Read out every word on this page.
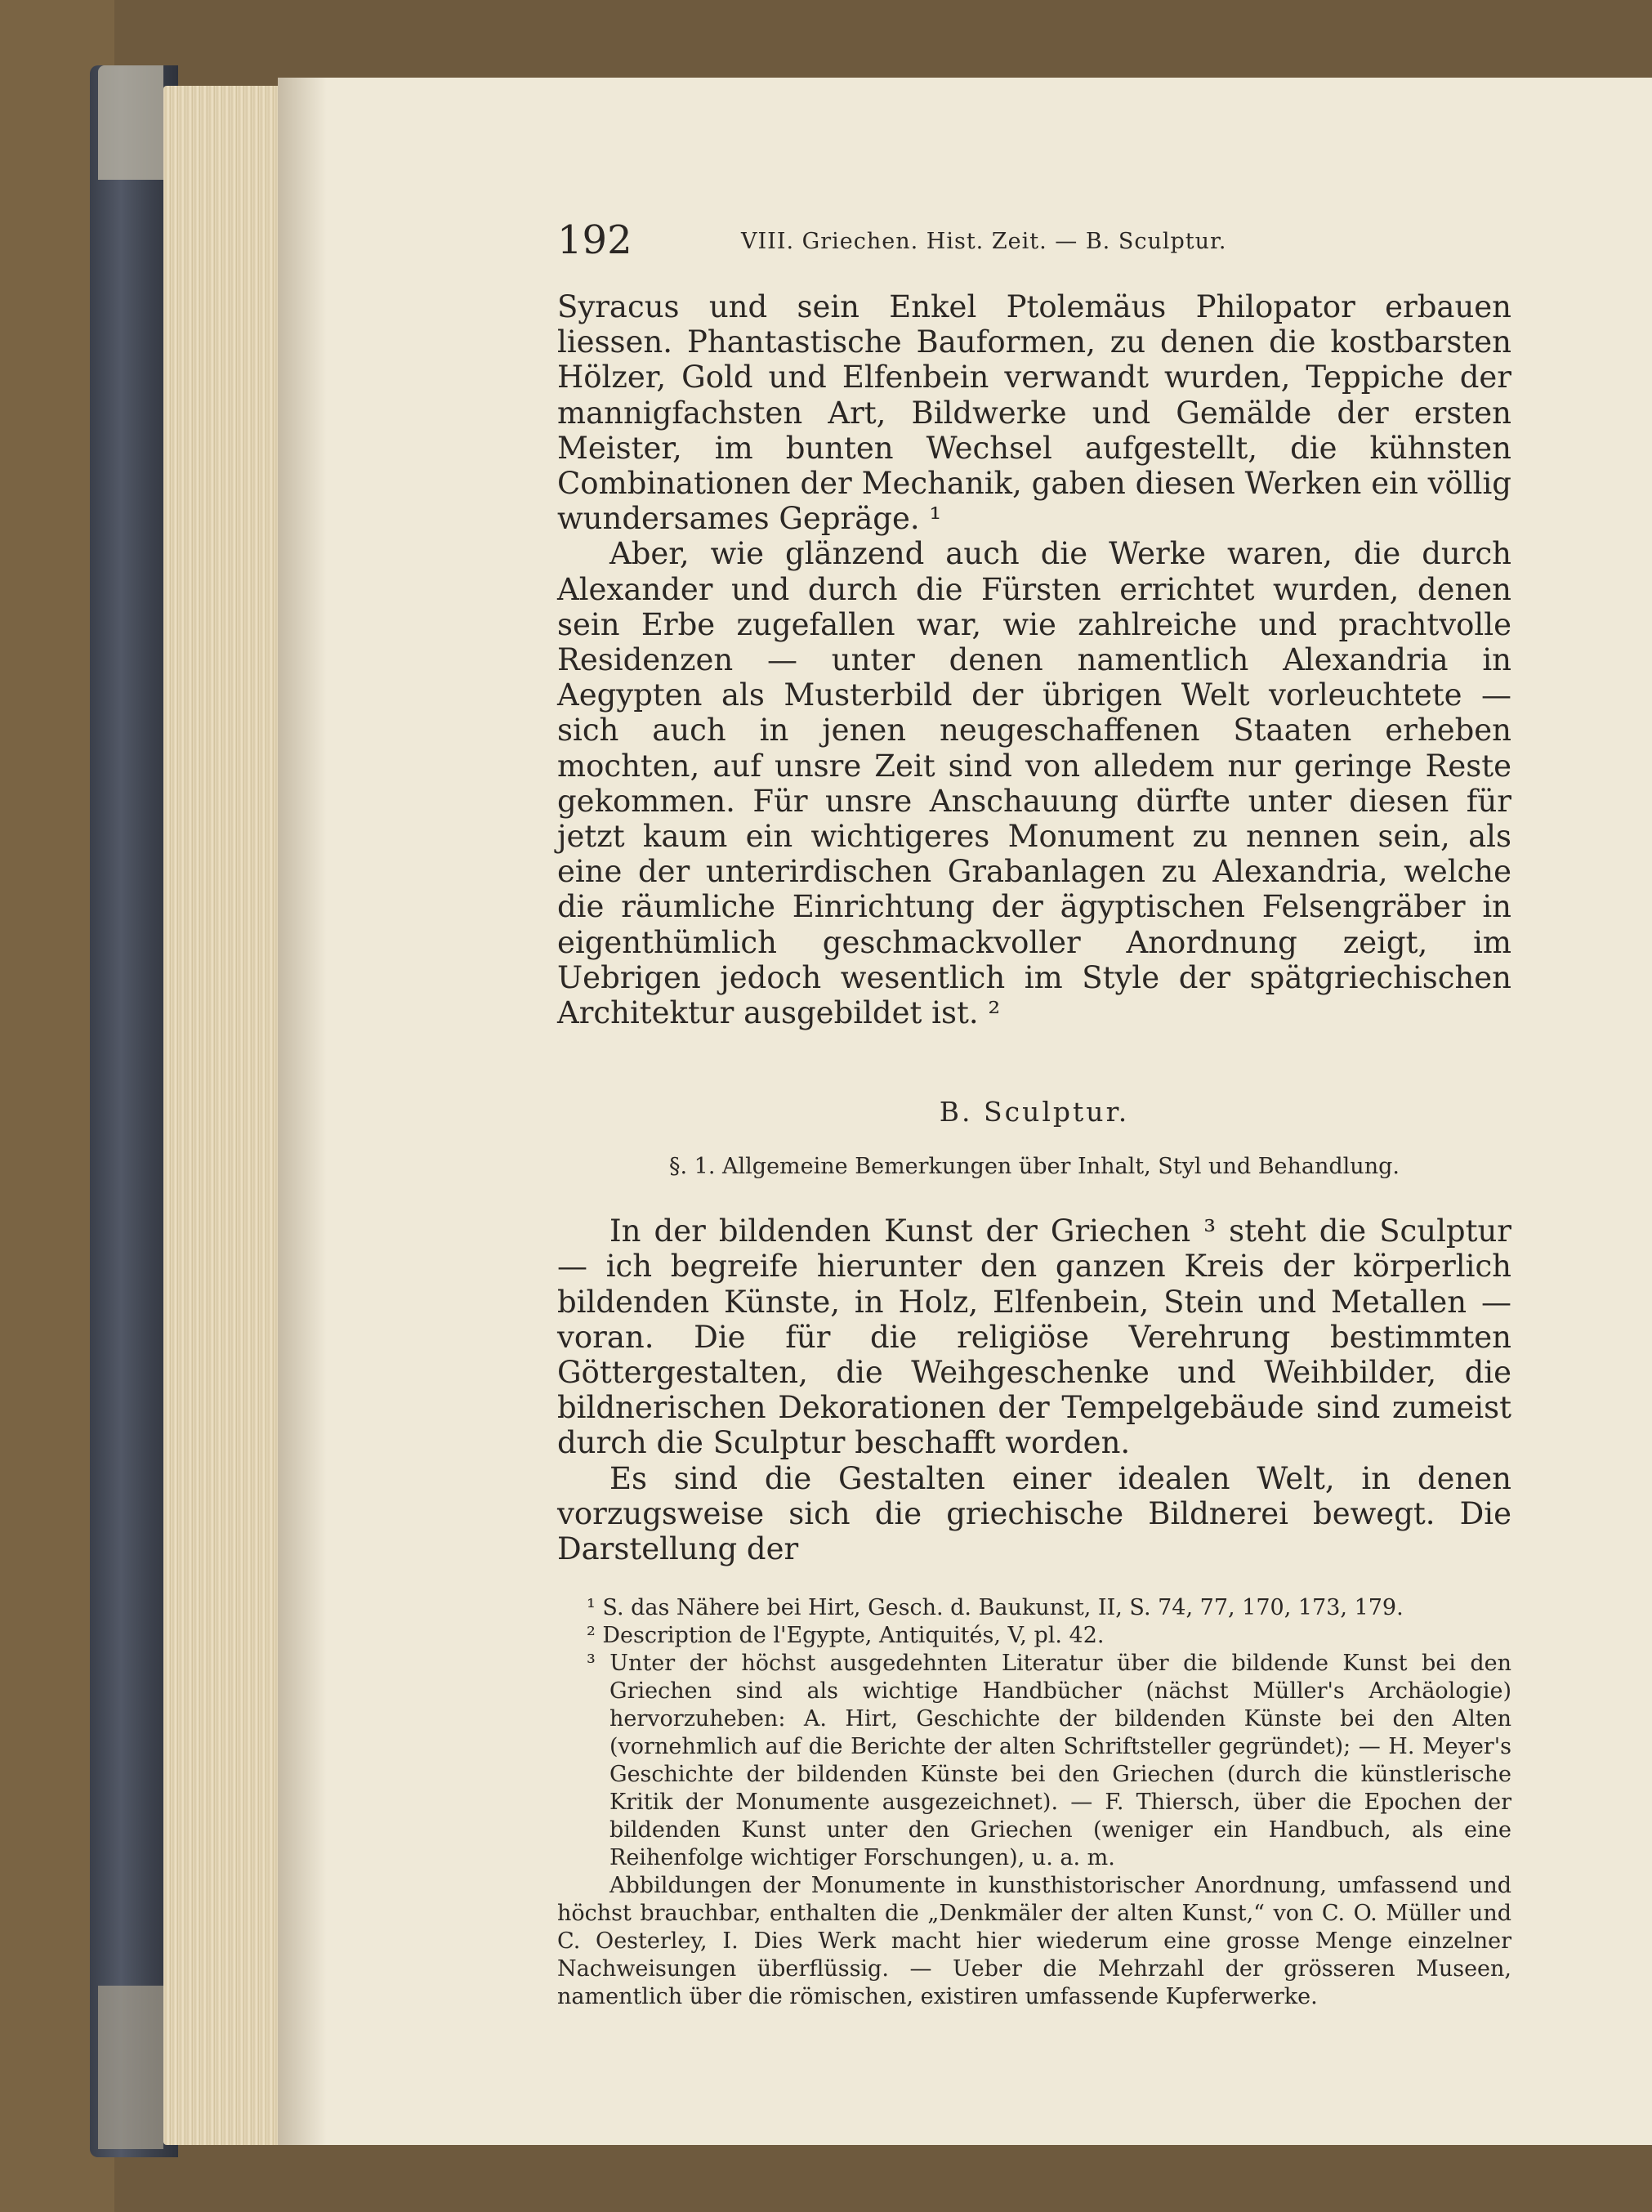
192	VIII. Griechen. Hist. Zeit. — B. Sculptur.

Syracus und sein Enkel Ptolemäus Philopator erbauen liessen. Phantastische Bauformen, zu denen die kostbarsten Hölzer, Gold und Elfenbein verwandt wurden, Teppiche der mannigfachsten Art, Bildwerke und Gemälde der ersten Meister, im bunten Wechsel aufgestellt, die kühnsten Combinationen der Mechanik, gaben diesen Werken ein völlig wundersames Gepräge. ¹

Aber, wie glänzend auch die Werke waren, die durch Alexander und durch die Fürsten errichtet wurden, denen sein Erbe zugefallen war, wie zahlreiche und prachtvolle Residenzen — unter denen namentlich Alexandria in Aegypten als Musterbild der übrigen Welt vorleuchtete — sich auch in jenen neugeschaffenen Staaten erheben mochten, auf unsre Zeit sind von alledem nur geringe Reste gekommen. Für unsre Anschauung dürfte unter diesen für jetzt kaum ein wichtigeres Monument zu nennen sein, als eine der unterirdischen Grabanlagen zu Alexandria, welche die räumliche Einrichtung der ägyptischen Felsengräber in eigenthümlich geschmackvoller Anordnung zeigt, im Uebrigen jedoch wesentlich im Style der spätgriechischen Architektur ausgebildet ist. ²

B. Sculptur.
§. 1. Allgemeine Bemerkungen über Inhalt, Styl und Behandlung.

In der bildenden Kunst der Griechen ³ steht die Sculptur — ich begreife hierunter den ganzen Kreis der körperlich bildenden Künste, in Holz, Elfenbein, Stein und Metallen — voran. Die für die religiöse Verehrung bestimmten Göttergestalten, die Weihgeschenke und Weihbilder, die bildnerischen Dekorationen der Tempelgebäude sind zumeist durch die Sculptur beschafft worden.

Es sind die Gestalten einer idealen Welt, in denen vorzugsweise sich die griechische Bildnerei bewegt. Die Darstellung der

¹ S. das Nähere bei Hirt, Gesch. d. Baukunst, II, S. 74, 77, 170, 173, 179.

² Description de l'Egypte, Antiquités, V, pl. 42.

³ Unter der höchst ausgedehnten Literatur über die bildende Kunst bei den Griechen sind als wichtige Handbücher (nächst Müller's Archäologie) hervorzuheben: A. Hirt, Geschichte der bildenden Künste bei den Alten (vornehmlich auf die Berichte der alten Schriftsteller gegründet); — H. Meyer's Geschichte der bildenden Künste bei den Griechen (durch die künstlerische Kritik der Monumente ausgezeichnet). — F. Thiersch, über die Epochen der bildenden Kunst unter den Griechen (weniger ein Handbuch, als eine Reihenfolge wichtiger Forschungen), u. a. m.

Abbildungen der Monumente in kunsthistorischer Anordnung, umfassend und höchst brauchbar, enthalten die „Denkmäler der alten Kunst,“ von C. O. Müller und C. Oesterley, I. Dies Werk macht hier wiederum eine grosse Menge einzelner Nachweisungen überflüssig. — Ueber die Mehrzahl der grösseren Museen, namentlich über die römischen, existiren umfassende Kupferwerke.
